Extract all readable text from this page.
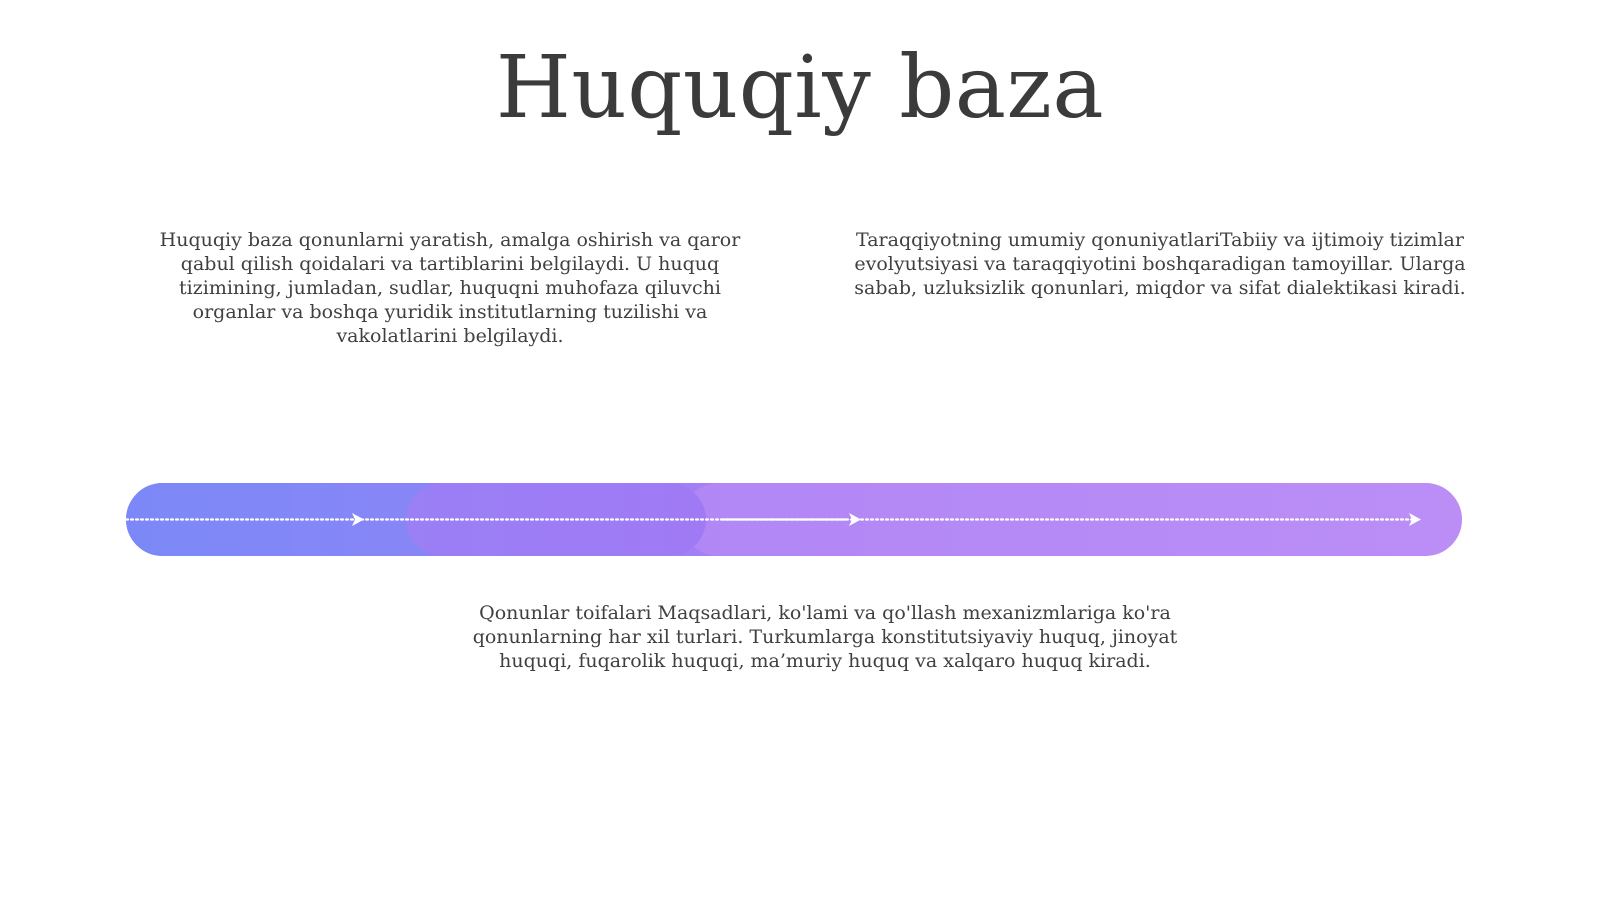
Huquqiy baza

Huquqiy baza qonunlarni yaratish, amalga oshirish va qaror qabul qilish qoidalari va tartiblarini belgilaydi. U huquq tizimining, jumladan, sudlar, huquqni muhofaza qiluvchi organlar va boshqa yuridik institutlarning tuzilishi va vakolatlarini belgilaydi.

Taraqqiyotning umumiy qonuniyatlariTabiiy va ijtimoiy tizimlar evolyutsiyasi va taraqqiyotini boshqaradigan tamoyillar. Ularga sabab, uzluksizlik qonunlari, miqdor va sifat dialektikasi kiradi.

Qonunlar toifalari Maqsadlari, ko'lami va qo'llash mexanizmlariga ko'ra qonunlarning har xil turlari. Turkumlarga konstitutsiyaviy huquq, jinoyat huquqi, fuqarolik huquqi, ma’muriy huquq va xalqaro huquq kiradi.
